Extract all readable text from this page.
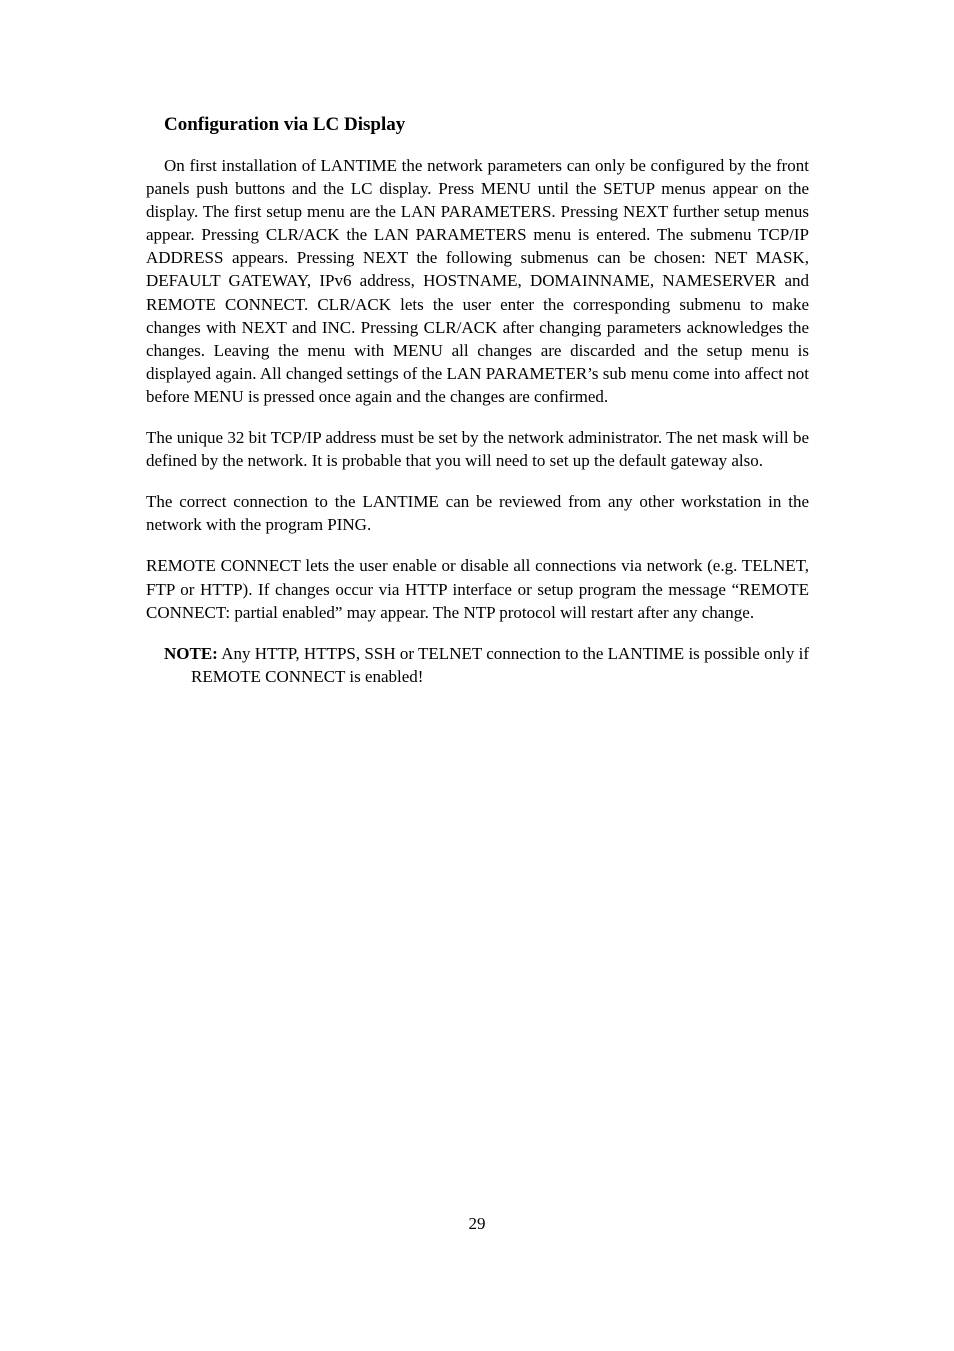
Configuration via LC Display

On first installation of LANTIME the network parameters can only be configured by the front panels push buttons and the LC display. Press MENU until the SETUP menus appear on the display. The first setup menu are the LAN PARAMETERS. Pressing NEXT further setup menus appear. Pressing CLR/ACK the LAN PARAMETERS menu is entered. The submenu TCP/IP ADDRESS appears. Pressing NEXT the following submenus can be chosen: NET MASK, DEFAULT GATEWAY, IPv6 address, HOSTNAME, DOMAINNAME, NAMESERVER and REMOTE CONNECT. CLR/ACK lets the user enter the corresponding submenu to make changes with NEXT and INC. Pressing CLR/ACK after changing parameters acknowledges the changes. Leaving the menu with MENU all changes are discarded and the setup menu is displayed again. All changed settings of the LAN PARAMETER’s sub menu come into affect not before MENU is pressed once again and the changes are confirmed.

The unique 32 bit TCP/IP address must be set by the network administrator. The net mask will be defined by the network. It is probable that you will need to set up the default gateway also.

The correct connection to the LANTIME can be reviewed from any other workstation in the network with the program PING.

REMOTE CONNECT lets the user enable or disable all connections via network (e.g. TELNET, FTP or HTTP). If changes occur via HTTP interface or setup program the message “REMOTE CONNECT: partial enabled” may appear. The NTP protocol will restart after any change.

NOTE: Any HTTP, HTTPS, SSH or TELNET connection to the LANTIME is possible only if REMOTE CONNECT is enabled!

29
